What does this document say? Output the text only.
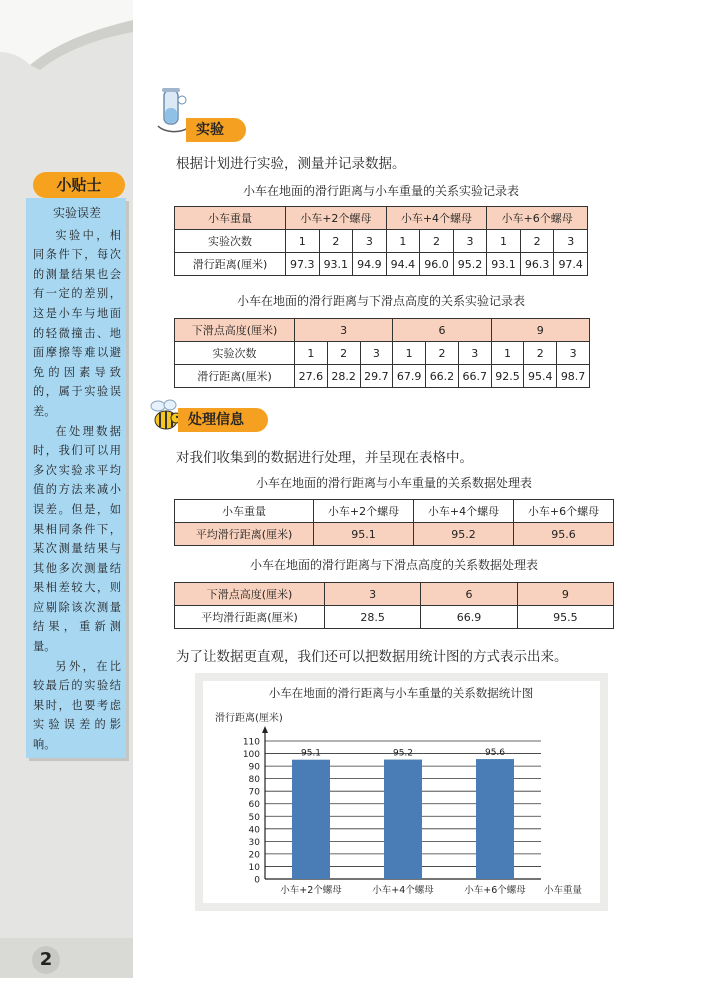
2
小贴士
实验误差

实验中，相同条件下，每次的测量结果也会有一定的差别，这是小车与地面的轻微撞击、地面摩擦等难以避免的因素导致的，属于实验误差。

在处理数据时，我们可以用多次实验求平均值的方法来减小误差。但是，如果相同条件下，某次测量结果与其他多次测量结果相差较大，则应剔除该次测量结果，重新测量。

另外，在比较最后的实验结果时，也要考虑实验误差的影响。

实验
根据计划进行实验，测量并记录数据。
小车在地面的滑行距离与小车重量的关系实验记录表
小车重量	小车+2个螺母			小车+4个螺母			小车+6个螺母		
实验次数	1	2	3	1	2	3	1	2	3
滑行距离(厘米)	97.3	93.1	94.9	94.4	96.0	95.2	93.1	96.3	97.4
小车在地面的滑行距离与下滑点高度的关系实验记录表
下滑点高度(厘米)	3			6			9		
实验次数	1	2	3	1	2	3	1	2	3
滑行距离(厘米)	27.6	28.2	29.7	67.9	66.2	66.7	92.5	95.4	98.7
处理信息
对我们收集到的数据进行处理，并呈现在表格中。
小车在地面的滑行距离与小车重量的关系数据处理表
小车重量	小车+2个螺母	小车+4个螺母	小车+6个螺母
平均滑行距离(厘米)	95.1	95.2	95.6
小车在地面的滑行距离与下滑点高度的关系数据处理表
下滑点高度(厘米)	3	6	9
平均滑行距离(厘米)	28.5	66.9	95.5
为了让数据更直观，我们还可以把数据用统计图的方式表示出来。
小车在地面的滑行距离与小车重量的关系数据统计图
滑行距离(厘米)
小车重量
95.1	95.2	95.6
0
10
20
30
40
50
60
70
80
90
100
110
小车+2个螺母	小车+4个螺母	小车+6个螺母
